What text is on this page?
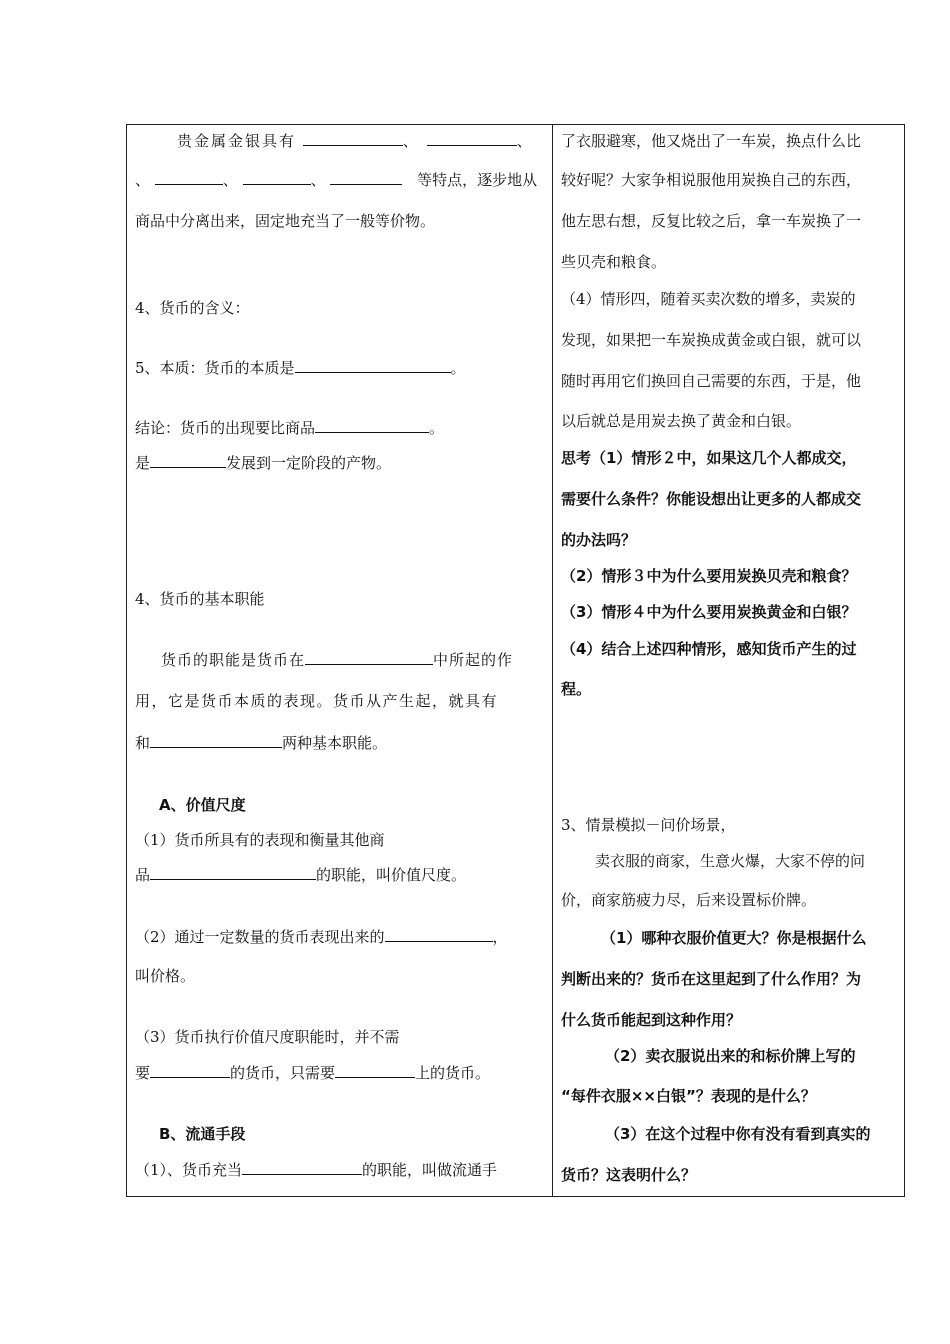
贵金属金银具有	、	、
、	、	、	等特点，逐步地从
商品中分离出来，固定地充当了一般等价物。
4、货币的含义：
5、本质：货币的本质是	。
结论：货币的出现要比商品	。
是	发展到一定阶段的产物。
4、货币的基本职能
货币的职能是货币在	中所起的作
用，它是货币本质的表现。货币从产生起，就具有
和	两种基本职能。
A、价值尺度
（1）货币所具有的表现和衡量其他商
品	的职能，叫价值尺度。
（2）通过一定数量的货币表现出来的	，
叫价格。
（3）货币执行价值尺度职能时，并不需
要	的货币，只需要	上的货币。
B、流通手段
（1）、货币充当	的职能，叫做流通手
了衣服避寒，他又烧出了一车炭，换点什么比
较好呢？大家争相说服他用炭换自己的东西，
他左思右想，反复比较之后，拿一车炭换了一
些贝壳和粮食。
（4）情形四，随着买卖次数的增多，卖炭的
发现，如果把一车炭换成黄金或白银，就可以
随时再用它们换回自己需要的东西，于是，他
以后就总是用炭去换了黄金和白银。
思考（1）情形２中，如果这几个人都成交，
需要什么条件？你能设想出让更多的人都成交
的办法吗？
（2）情形３中为什么要用炭换贝壳和粮食？
（3）情形４中为什么要用炭换黄金和白银？
（4）结合上述四种情形，感知货币产生的过
程。
3、情景模拟－问价场景，
卖衣服的商家，生意火爆，大家不停的问
价，商家筋疲力尽，后来设置标价牌。
（1）哪种衣服价值更大？你是根据什么
判断出来的？货币在这里起到了什么作用？为
什么货币能起到这种作用？
（2）卖衣服说出来的和标价牌上写的
“每件衣服××白银”？表现的是什么？
（3）在这个过程中你有没有看到真实的
货币？这表明什么？
